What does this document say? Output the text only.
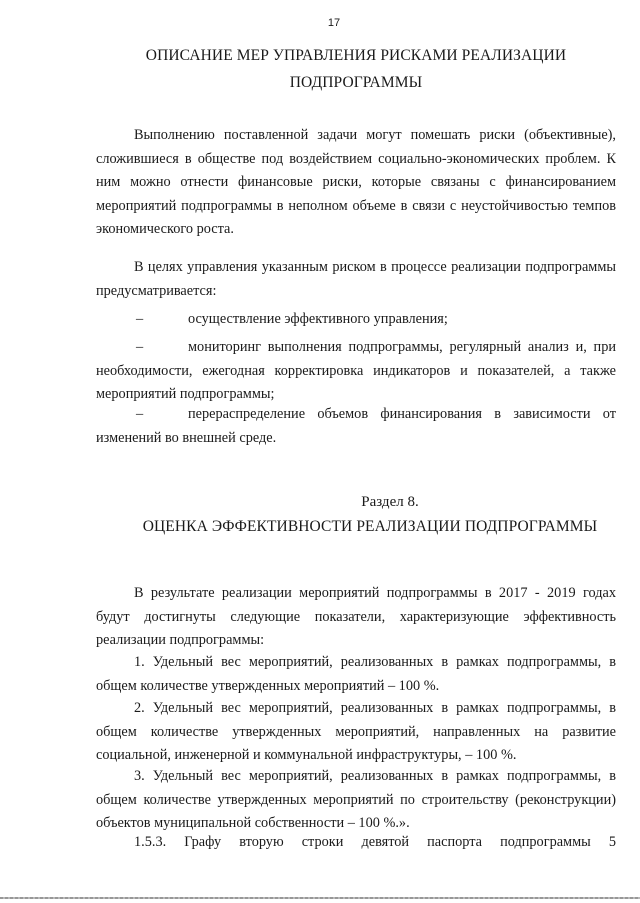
17
ОПИСАНИЕ МЕР УПРАВЛЕНИЯ РИСКАМИ РЕАЛИЗАЦИИ
ПОДПРОГРАММЫ
Выполнению поставленной задачи могут помешать риски (объективные), сложившиеся в обществе под воздействием социально-экономических проблем. К ним можно отнести финансовые риски, которые связаны с финансированием мероприятий подпрограммы в неполном объеме в связи с неустойчивостью темпов экономического роста.
В целях управления указанным риском в процессе реализации подпрограммы предусматривается:
–	осуществление эффективного управления;
–	мониторинг выполнения подпрограммы, регулярный анализ и, при необходимости, ежегодная корректировка индикаторов и показателей, а также мероприятий подпрограммы;
–	перераспределение объемов финансирования в зависимости от изменений во внешней среде.
Раздел 8.
ОЦЕНКА ЭФФЕКТИВНОСТИ РЕАЛИЗАЦИИ ПОДПРОГРАММЫ
В результате реализации мероприятий подпрограммы в 2017 - 2019 годах будут достигнуты следующие показатели, характеризующие эффективность реализации подпрограммы:
1. Удельный вес мероприятий, реализованных в рамках подпрограммы, в общем количестве утвержденных мероприятий – 100 %.
2. Удельный вес мероприятий, реализованных в рамках подпрограммы, в общем количестве утвержденных мероприятий, направленных на развитие социальной, инженерной и коммунальной инфраструктуры, – 100 %.
3. Удельный вес мероприятий, реализованных в рамках подпрограммы, в общем количестве утвержденных мероприятий по строительству (реконструкции) объектов муниципальной собственности – 100 %.».
1.5.3. Графу вторую строки девятой паспорта подпрограммы 5
